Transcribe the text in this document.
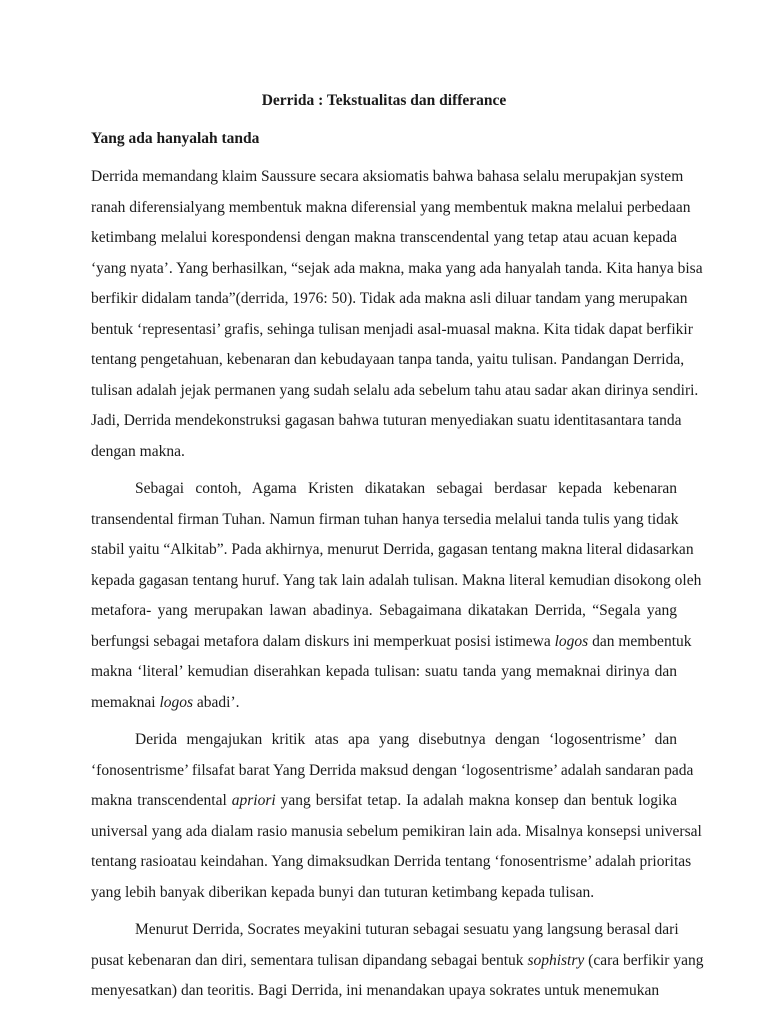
Derrida : Tekstualitas dan differance
Yang ada hanyalah tanda
Derrida memandang klaim Saussure secara aksiomatis bahwa bahasa selalu merupakjan system
ranah diferensialyang membentuk makna diferensial yang membentuk makna melalui perbedaan
ketimbang melalui korespondensi dengan makna transcendental yang tetap atau acuan kepada
‘yang nyata’. Yang berhasilkan, “sejak ada makna, maka yang ada hanyalah tanda. Kita hanya bisa
berfikir didalam tanda”(derrida, 1976: 50). Tidak ada makna asli diluar tandam yang merupakan
bentuk ‘representasi’ grafis, sehinga tulisan menjadi asal-muasal makna. Kita tidak dapat berfikir
tentang pengetahuan, kebenaran dan kebudayaan tanpa tanda, yaitu tulisan. Pandangan Derrida,
tulisan adalah jejak permanen yang sudah selalu ada sebelum tahu atau sadar akan dirinya sendiri.
Jadi, Derrida mendekonstruksi gagasan bahwa tuturan menyediakan suatu identitasantara tanda
dengan makna.
Sebagai contoh, Agama Kristen dikatakan sebagai berdasar kepada kebenaran
transendental firman Tuhan. Namun firman tuhan hanya tersedia melalui tanda tulis yang tidak
stabil yaitu “Alkitab”. Pada akhirnya, menurut Derrida, gagasan tentang makna literal didasarkan
kepada gagasan tentang huruf. Yang tak lain adalah tulisan. Makna literal kemudian disokong oleh
metafora- yang merupakan lawan abadinya. Sebagaimana dikatakan Derrida, “Segala yang
berfungsi sebagai metafora dalam diskurs ini memperkuat posisi istimewa logos dan membentuk
makna ‘literal’ kemudian diserahkan kepada tulisan: suatu tanda yang memaknai dirinya dan
memaknai logos abadi’.
Derida mengajukan kritik atas apa yang disebutnya dengan ‘logosentrisme’ dan
‘fonosentrisme’ filsafat barat Yang Derrida maksud dengan ‘logosentrisme’ adalah sandaran pada
makna transcendental apriori yang bersifat tetap. Ia adalah makna konsep dan bentuk logika
universal yang ada dialam rasio manusia sebelum pemikiran lain ada. Misalnya konsepsi universal
tentang rasioatau keindahan. Yang dimaksudkan Derrida tentang ‘fonosentrisme’ adalah prioritas
yang lebih banyak diberikan kepada bunyi dan tuturan ketimbang kepada tulisan.
Menurut Derrida, Socrates meyakini tuturan sebagai sesuatu yang langsung berasal dari
pusat kebenaran dan diri, sementara tulisan dipandang sebagai bentuk sophistry (cara berfikir yang
menyesatkan) dan teoritis. Bagi Derrida, ini menandakan upaya sokrates untuk menemukan
